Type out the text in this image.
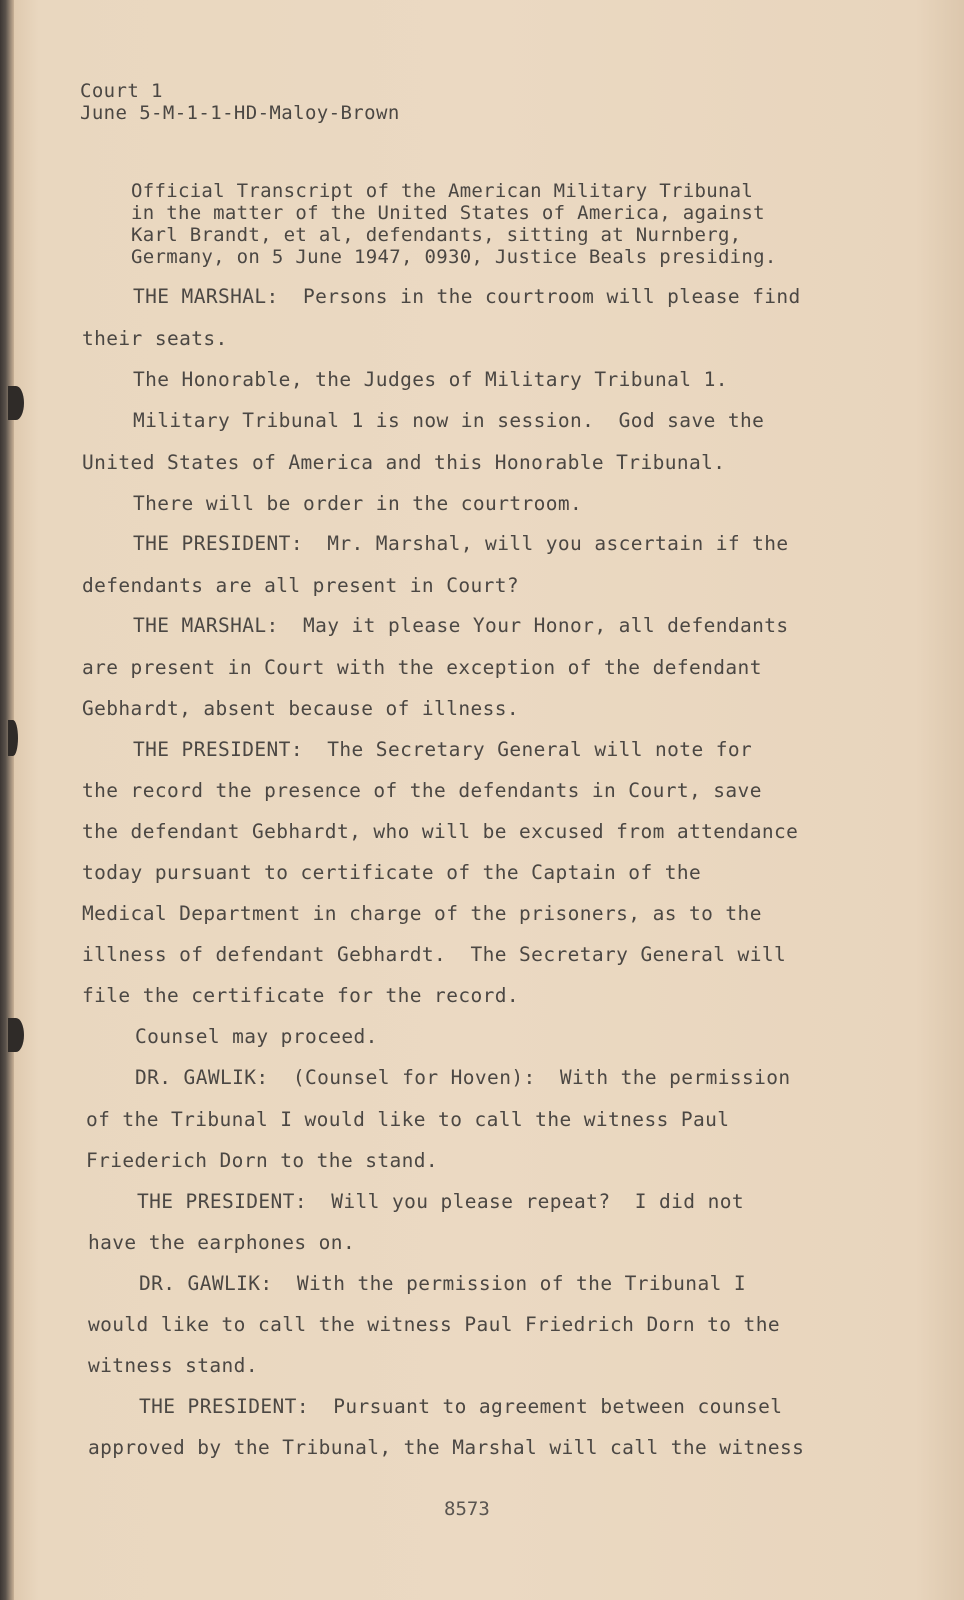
Court 1
June 5-M-1-1-HD-Maloy-Brown
Official Transcript of the American Military Tribunal
in the matter of the United States of America, against
Karl Brandt, et al, defendants, sitting at Nurnberg,
Germany, on 5 June 1947, 0930, Justice Beals presiding.
THE MARSHAL:  Persons in the courtroom will please find
their seats.
The Honorable, the Judges of Military Tribunal 1.
Military Tribunal 1 is now in session.  God save the
United States of America and this Honorable Tribunal.
There will be order in the courtroom.
THE PRESIDENT:  Mr. Marshal, will you ascertain if the
defendants are all present in Court?
THE MARSHAL:  May it please Your Honor, all defendants
are present in Court with the exception of the defendant
Gebhardt, absent because of illness.
THE PRESIDENT:  The Secretary General will note for
the record the presence of the defendants in Court, save
the defendant Gebhardt, who will be excused from attendance
today pursuant to certificate of the Captain of the
Medical Department in charge of the prisoners, as to the
illness of defendant Gebhardt.  The Secretary General will
file the certificate for the record.
Counsel may proceed.
DR. GAWLIK:  (Counsel for Hoven):  With the permission
of the Tribunal I would like to call the witness Paul
Friederich Dorn to the stand.
THE PRESIDENT:  Will you please repeat?  I did not
have the earphones on.
DR. GAWLIK:  With the permission of the Tribunal I
would like to call the witness Paul Friedrich Dorn to the
witness stand.
THE PRESIDENT:  Pursuant to agreement between counsel
approved by the Tribunal, the Marshal will call the witness
8573
